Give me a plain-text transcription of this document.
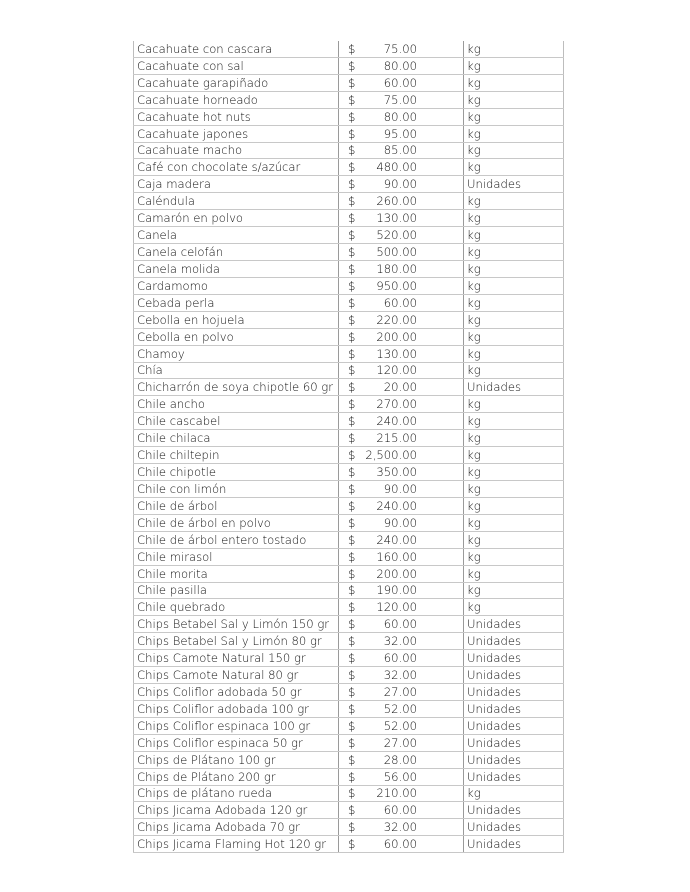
Cacahuate con cascara	$ 75.00	kg
Cacahuate con sal	$ 80.00	kg
Cacahuate garapiñado	$ 60.00	kg
Cacahuate horneado	$ 75.00	kg
Cacahuate hot nuts	$ 80.00	kg
Cacahuate japones	$ 95.00	kg
Cacahuate macho	$ 85.00	kg
Café con chocolate s/azúcar	$ 480.00	kg
Caja madera	$ 90.00	Unidades
Caléndula	$ 260.00	kg
Camarón en polvo	$ 130.00	kg
Canela	$ 520.00	kg
Canela celofán	$ 500.00	kg
Canela molida	$ 180.00	kg
Cardamomo	$ 950.00	kg
Cebada perla	$ 60.00	kg
Cebolla en hojuela	$ 220.00	kg
Cebolla en polvo	$ 200.00	kg
Chamoy	$ 130.00	kg
Chía	$ 120.00	kg
Chicharrón de soya chipotle 60 gr	$ 20.00	Unidades
Chile ancho	$ 270.00	kg
Chile cascabel	$ 240.00	kg
Chile chilaca	$ 215.00	kg
Chile chiltepin	$ 2,500.00	kg
Chile chipotle	$ 350.00	kg
Chile con limón	$ 90.00	kg
Chile de árbol	$ 240.00	kg
Chile de árbol en polvo	$ 90.00	kg
Chile de árbol entero tostado	$ 240.00	kg
Chile mirasol	$ 160.00	kg
Chile morita	$ 200.00	kg
Chile pasilla	$ 190.00	kg
Chile quebrado	$ 120.00	kg
Chips Betabel Sal y Limón 150 gr	$ 60.00	Unidades
Chips Betabel Sal y Limón 80 gr	$ 32.00	Unidades
Chips Camote Natural 150 gr	$ 60.00	Unidades
Chips Camote Natural 80 gr	$ 32.00	Unidades
Chips Coliflor adobada 50 gr	$ 27.00	Unidades
Chips Coliflor adobada 100 gr	$ 52.00	Unidades
Chips Coliflor espinaca 100 gr	$ 52.00	Unidades
Chips Coliflor espinaca 50 gr	$ 27.00	Unidades
Chips de Plátano 100 gr	$ 28.00	Unidades
Chips de Plátano 200 gr	$ 56.00	Unidades
Chips de plátano rueda	$ 210.00	kg
Chips Jicama Adobada 120 gr	$ 60.00	Unidades
Chips Jicama Adobada 70 gr	$ 32.00	Unidades
Chips Jicama Flaming Hot 120 gr	$ 60.00	Unidades
